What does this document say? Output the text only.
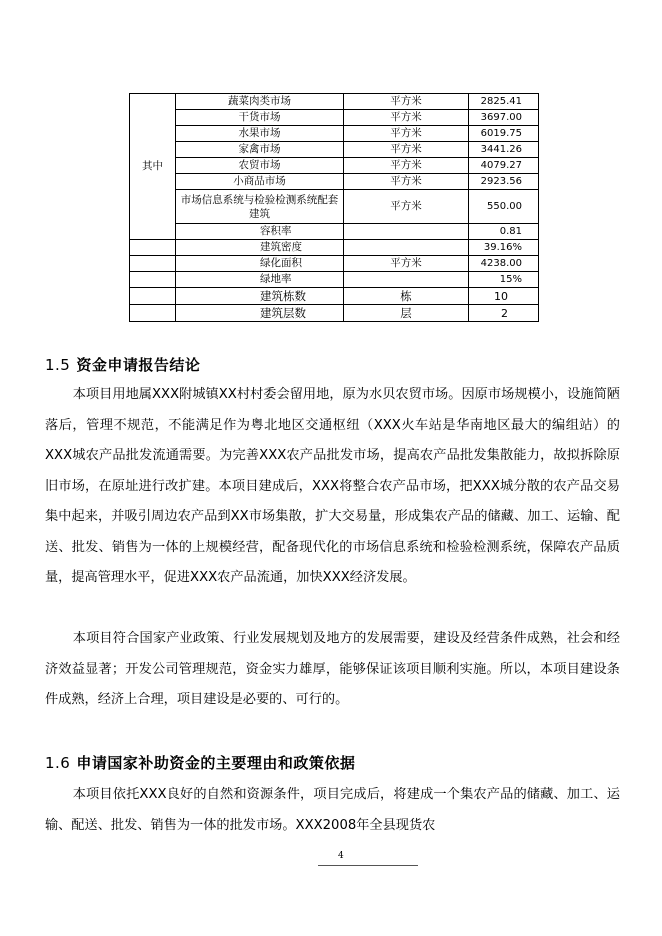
其中	蔬菜肉类市场	平方米	2825.41
	干货市场	平方米	3697.00
	水果市场	平方米	6019.75
	家禽市场	平方米	3441.26
	农贸市场	平方米	4079.27
	小商品市场	平方米	2923.56
	市场信息系统与检验检测系统配套建筑	平方米	550.00
	容积率		0.81
	建筑密度		39.16%
	绿化面积	平方米	4238.00
	绿地率		15%
	建筑栋数	栋	10
	建筑层数	层	2
1.5 资金申请报告结论

本项目用地属XXX附城镇XX村村委会留用地，原为水贝农贸市场。因原市场规模小，设施简陋落后，管理不规范，不能满足作为粤北地区交通枢纽（XXX火车站是华南地区最大的编组站）的XXX城农产品批发流通需要。为完善XXX农产品批发市场，提高农产品批发集散能力，故拟拆除原旧市场，在原址进行改扩建。本项目建成后，XXX将整合农产品市场，把XXX城分散的农产品交易集中起来，并吸引周边农产品到XX市场集散，扩大交易量，形成集农产品的储藏、加工、运输、配送、批发、销售为一体的上规模经营，配备现代化的市场信息系统和检验检测系统，保障农产品质量，提高管理水平，促进XXX农产品流通，加快XXX经济发展。

本项目符合国家产业政策、行业发展规划及地方的发展需要，建设及经营条件成熟，社会和经济效益显著；开发公司管理规范，资金实力雄厚，能够保证该项目顺利实施。所以，本项目建设条件成熟，经济上合理，项目建设是必要的、可行的。

1.6 申请国家补助资金的主要理由和政策依据

本项目依托XXX良好的自然和资源条件，项目完成后，将建成一个集农产品的储藏、加工、运输、配送、批发、销售为一体的批发市场。XXX2008年全县现货农

4
